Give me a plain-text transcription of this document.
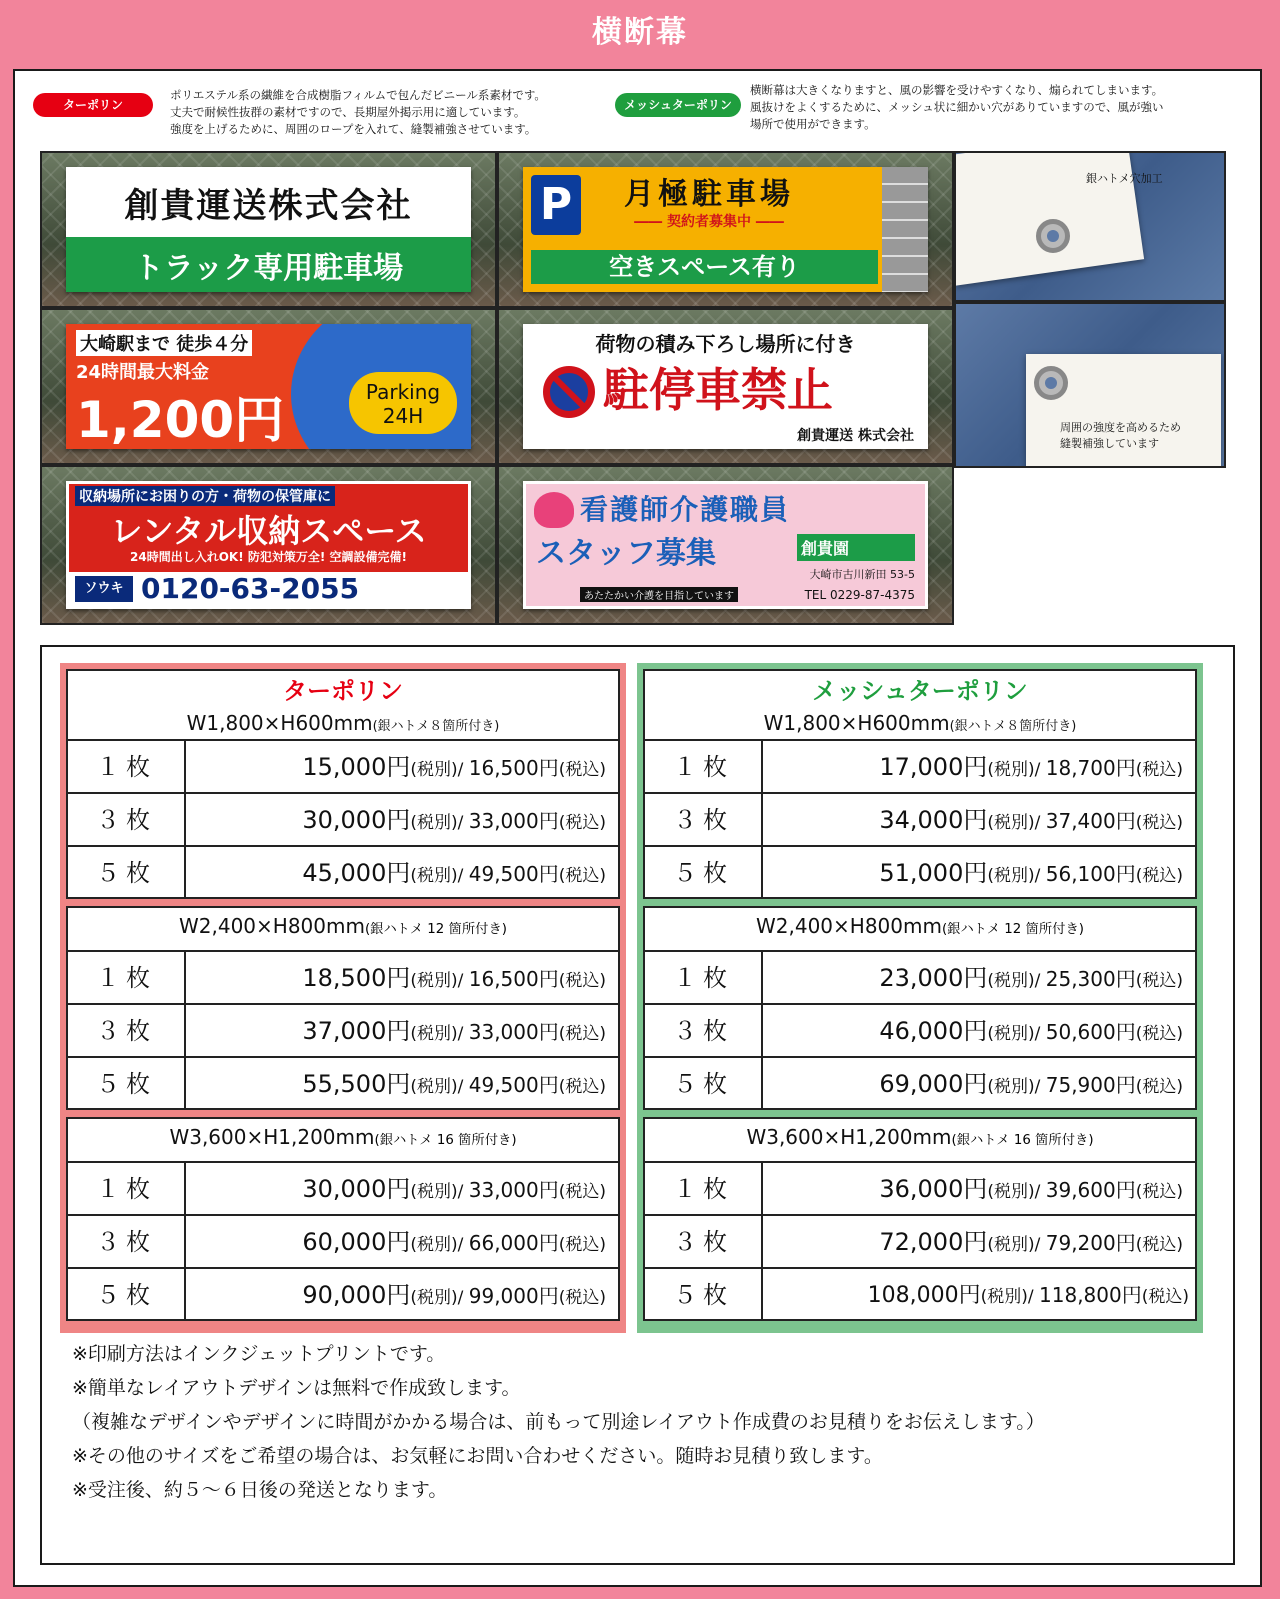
横断幕
ターポリン

ポリエステル系の繊維を合成樹脂フィルムで包んだビニール系素材です。

丈夫で耐候性抜群の素材ですので、長期屋外掲示用に適しています。

強度を上げるために、周囲のロープを入れて、縫製補強させています。

メッシュターポリン

横断幕は大きくなりますと、風の影響を受けやすくなり、煽られてしまいます。

風抜けをよくするために、メッシュ状に細かい穴がありていますので、風が強い

場所で使用ができます。

創貴運送株式会社
トラック専用駐車場
P	月極駐車場
―― 契約者募集中 ――
空きスペース有り
大崎駅まで 徒歩４分
24時間最大料金
1,200円	Parking
24H
荷物の積み下ろし場所に付き
駐停車禁止
創貴運送 株式会社
収納場所にお困りの方・荷物の保管庫に
レンタル収納スペース
24時間出し入れOK! 防犯対策万全! 空調設備完備!
ソウキ 0120-63-2055
看護師介護職員
スタッフ募集	創貴園
大崎市古川新田 53-5
あたたかい介護を目指しています	TEL 0229-87-4375
銀ハトメ穴加工
周囲の強度を高めるため
縫製補強しています
ターポリン
W1,800×H600mm(銀ハトメ８箇所付き)
１枚	15,000円(税別)/ 16,500円(税込)
３枚	30,000円(税別)/ 33,000円(税込)
５枚	45,000円(税別)/ 49,500円(税込)
W2,400×H800mm(銀ハトメ 12 箇所付き)
１枚	18,500円(税別)/ 16,500円(税込)
３枚	37,000円(税別)/ 33,000円(税込)
５枚	55,500円(税別)/ 49,500円(税込)
W3,600×H1,200mm(銀ハトメ 16 箇所付き)
１枚	30,000円(税別)/ 33,000円(税込)
３枚	60,000円(税別)/ 66,000円(税込)
５枚	90,000円(税別)/ 99,000円(税込)
メッシュターポリン
W1,800×H600mm(銀ハトメ８箇所付き)
１枚	17,000円(税別)/ 18,700円(税込)
３枚	34,000円(税別)/ 37,400円(税込)
５枚	51,000円(税別)/ 56,100円(税込)
W2,400×H800mm(銀ハトメ 12 箇所付き)
１枚	23,000円(税別)/ 25,300円(税込)
３枚	46,000円(税別)/ 50,600円(税込)
５枚	69,000円(税別)/ 75,900円(税込)
W3,600×H1,200mm(銀ハトメ 16 箇所付き)
１枚	36,000円(税別)/ 39,600円(税込)
３枚	72,000円(税別)/ 79,200円(税込)
５枚	108,000円(税別)/ 118,800円(税込)

※印刷方法はインクジェットプリントです。

※簡単なレイアウトデザインは無料で作成致します。

（複雑なデザインやデザインに時間がかかる場合は、前もって別途レイアウト作成費のお見積りをお伝えします。）

※その他のサイズをご希望の場合は、お気軽にお問い合わせください。随時お見積り致します。

※受注後、約５～６日後の発送となります。
